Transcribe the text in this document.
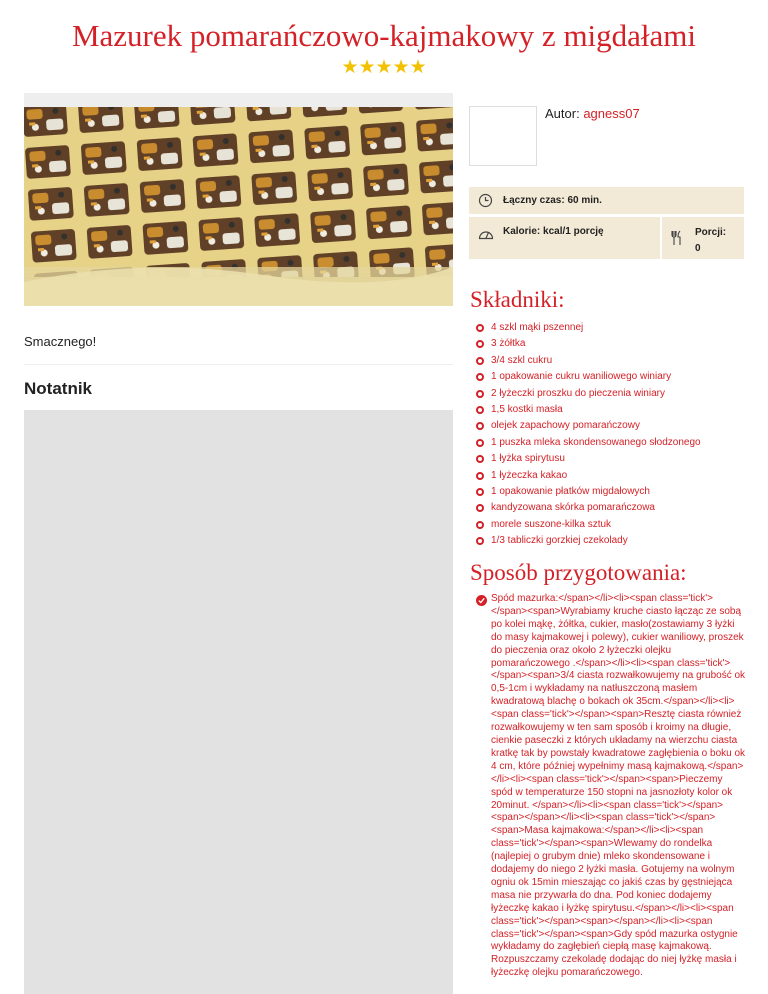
Mazurek pomarańczowo-kajmakowy z migdałami
★★★★★
Smacznego!
Notatnik
Autor: agness07
Łączny czas: 60 min.
Kalorie: kcal/1 porcję	Porcji:
0
Składniki:
4 szkl mąki pszennej
3 żółtka
3/4 szkl cukru
1 opakowanie cukru waniliowego winiary
2 łyżeczki proszku do pieczenia winiary
1,5 kostki masła
olejek zapachowy pomarańczowy
1 puszka mleka skondensowanego słodzonego
1 łyżka spirytusu
1 łyżeczka kakao
1 opakowanie płatków migdałowych
kandyzowana skórka pomarańczowa
morele suszone-kilka sztuk
1/3 tabliczki gorzkiej czekolady
Sposób przygotowania:
Spód mazurka:</span></li><li><span class='tick'></span><span>Wyrabiamy kruche ciasto łącząc ze sobą po kolei mąkę, żółtka, cukier, masło(zostawiamy 3 łyżki do masy kajmakowej i polewy), cukier waniliowy, proszek do pieczenia oraz około 2 łyżeczki olejku pomarańczowego .</span></li><li><span class='tick'></span><span>3/4 ciasta rozwałkowujemy na grubość ok 0,5-1cm i wykładamy na natłuszczoną masłem kwadratową blachę o bokach ok 35cm.</span></li><li><span class='tick'></span><span>Resztę ciasta również rozwałkowujemy w ten sam sposób i kroimy na długie, cienkie paseczki z których układamy na wierzchu ciasta kratkę tak by powstały kwadratowe zagłębienia o boku ok 4 cm, które później wypełnimy masą kajmakową.</span></li><li><span class='tick'></span><span>Pieczemy spód w temperaturze 150 stopni na jasnozłoty kolor ok 20minut. </span></li><li><span class='tick'></span><span></span></li><li><span class='tick'></span><span>Masa kajmakowa:</span></li><li><span class='tick'></span><span>Wlewamy do rondelka (najlepiej o grubym dnie) mleko skondensowane i dodajemy do niego 2 łyżki masła. Gotujemy na wolnym ogniu ok 15min mieszając co jakiś czas by gęstniejąca masa nie przywarła do dna. Pod koniec dodajemy łyżeczkę kakao i łyżkę spirytusu.</span></li><li><span class='tick'></span><span></span></li><li><span class='tick'></span><span>Gdy spód mazurka ostygnie wykładamy do zagłębień ciepłą masę kajmakową. Rozpuszczamy czekoladę dodając do niej łyżkę masła i łyżeczkę olejku pomarańczowego.
